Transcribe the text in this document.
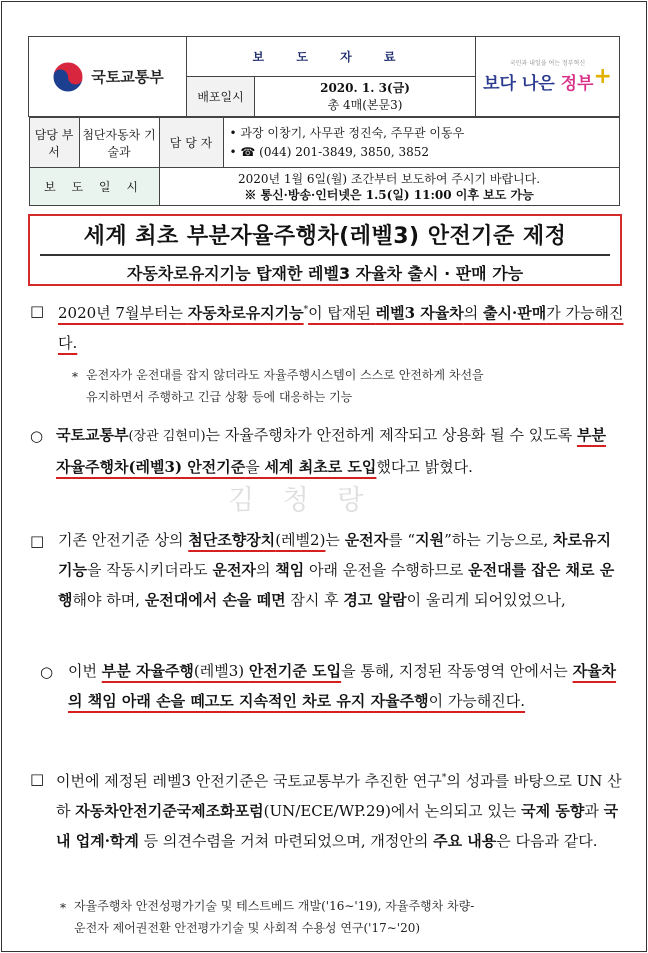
국토교통부
	보 도 자 료	국민과 내일을 여는 정부혁신
보다 나은 정부+

배포일시	
2020. 1. 3(금)
총 4매(본문3)

담당 부서	첨단자동차 기술과	담 당 자	
• 과장 이창기, 사무관 정진숙, 주무관 이동우
• ☎ (044) 201-3849, 3850, 3852

보 도 일 시	
2020년 1월 6일(월) 조간부터 보도하여 주시기 바랍니다.
※ 통신·방송·인터넷은 1.5(일) 11:00 이후 보도 가능
세계 최초 부분자율주행차(레벨3) 안전기준 제정
자동차로유지기능 탑재한 레벨3 자율차 출시 · 판매 가능
□ 2020년 7월부터는 자동차로유지기능*이 탑재된 레벨3 자율차의 출시·판매가 가능해진다.
* 운전자가 운전대를 잡지 않더라도 자율주행시스템이 스스로 안전하게 차선을
유지하면서 주행하고 긴급 상황 등에 대응하는 기능
○ 국토교통부(장관 김현미)는 자율주행차가 안전하게 제작되고 상용화 될 수 있도록 부분 자율주행차(레벨3) 안전기준을 세계 최초로 도입했다고 밝혔다.
김 청 랑
□ 기존 안전기준 상의 첨단조향장치(레벨2)는 운전자를 “지원”하는 기능으로, 차로유지기능을 작동시키더라도 운전자의 책임 아래 운전을 수행하므로 운전대를 잡은 채로 운행해야 하며, 운전대에서 손을 떼면 잠시 후 경고 알람이 울리게 되어있었으나,
○ 이번 부분 자율주행(레벨3) 안전기준 도입을 통해, 지정된 작동영역 안에서는 자율차의 책임 아래 손을 떼고도 지속적인 차로 유지 자율주행이 가능해진다.
□ 이번에 제정된 레벨3 안전기준은 국토교통부가 추진한 연구*의 성과를 바탕으로 UN 산하 자동차안전기준국제조화포럼(UN/ECE/WP.29)에서 논의되고 있는 국제 동향과 국내 업계·학계 등 의견수렴을 거쳐 마련되었으며, 개정안의 주요 내용은 다음과 같다.
* 자율주행차 안전성평가기술 및 테스트베드 개발('16∼'19), 자율주행차 차량-
운전자 제어권전환 안전평가기술 및 사회적 수용성 연구('17∼'20)
